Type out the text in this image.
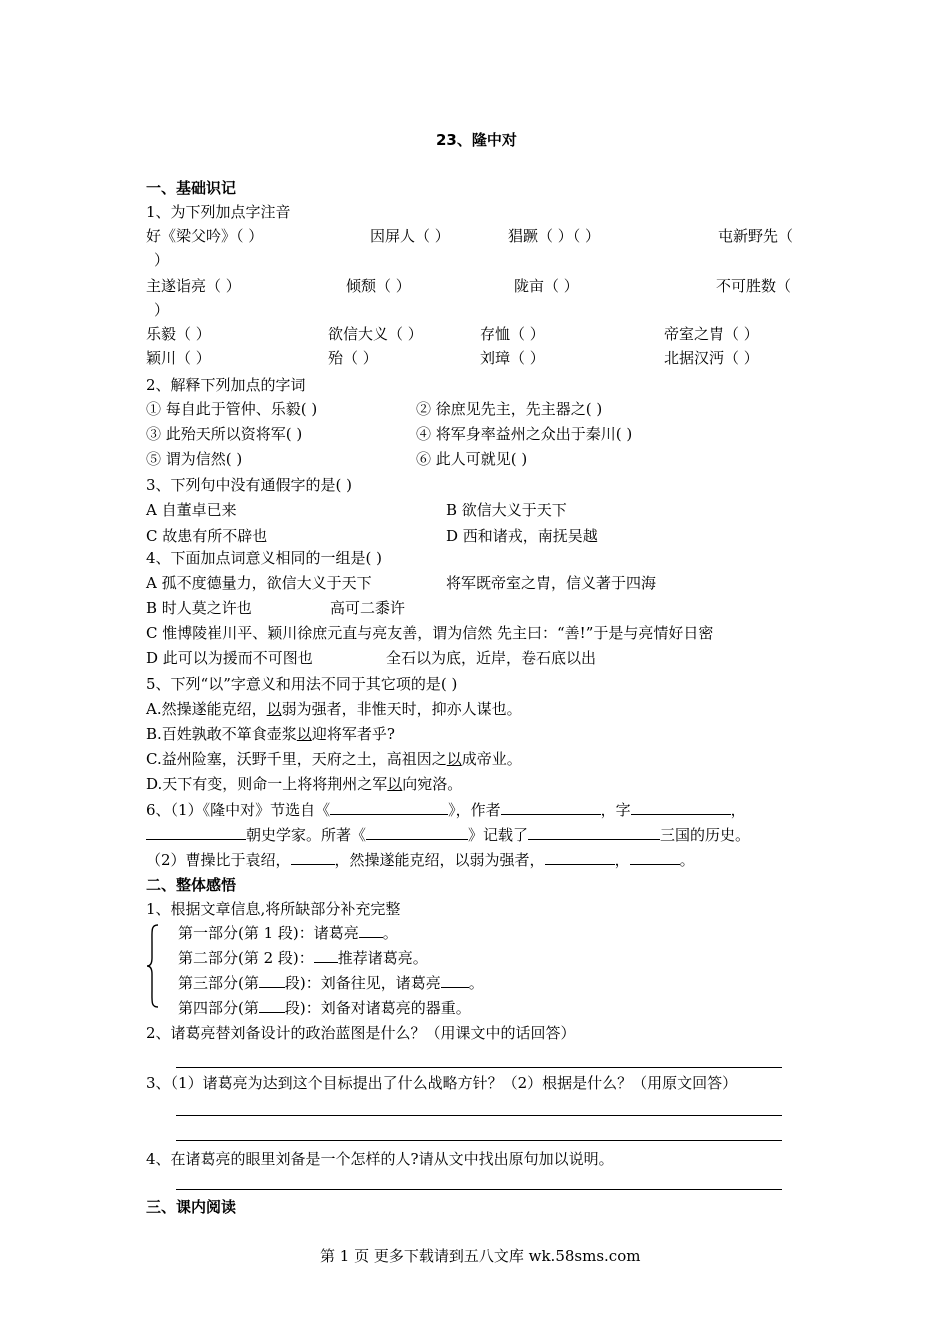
23、隆中对
一、基础识记
1、为下列加点字注音
好《梁父吟》（ ）	因屏人（ ）	猖蹶（ ）（ ）	屯新野先（
）
主遂诣亮（ ）	倾颓（ ）	陇亩（ ）	不可胜数（
）
乐毅（ ）	欲信大义（ ）	存恤（ ）	帝室之胄（ ）
颖川（ ）	殆（ ）	刘璋（ ）	北据汉沔（ ）
2、解释下列加点的字词
① 每自此于管仲、乐毅( )	② 徐庶见先主，先主器之( )
③ 此殆天所以资将军( )	④ 将军身率益州之众出于秦川( )
⑤ 谓为信然( )	⑥ 此人可就见( )
3、下列句中没有通假字的是( )
A 自董卓已来	B 欲信大义于天下
C 故患有所不辟也	D 西和诸戎，南抚吴越
4、下面加点词意义相同的一组是( )
A 孤不度德量力，欲信大义于天下	将军既帝室之胄，信义著于四海
B 时人莫之许也	高可二黍许
C 惟博陵崔川平、颖川徐庶元直与亮友善，谓为信然 先主曰：“善!”于是与亮情好日密
D 此可以为援而不可图也	全石以为底，近岸，卷石底以出
5、下列“以”字意义和用法不同于其它项的是( )
A.然操遂能克绍，以弱为强者，非惟天时，抑亦人谋也。
B.百姓孰敢不箪食壶浆以迎将军者乎?
C.益州险塞，沃野千里，天府之土，高祖因之以成帝业。
D.天下有变，则命一上将将荆州之军以向宛洛。
6、（1）《隆中对》节选自《	》，作者	，字	，
朝史学家。所著《	》记载了	三国的历史。
（2）曹操比于袁绍，	，然操遂能克绍，以弱为强者，	，	。
二、整体感悟
1、根据文章信息,将所缺部分补充完整
第一部分(第 1 段)：诸葛亮 。
第二部分(第 2 段)： 推荐诸葛亮。
第三部分(第 段)：刘备往见，诸葛亮 。
第四部分(第 段)：刘备对诸葛亮的器重。
2、诸葛亮替刘备设计的政治蓝图是什么？（用课文中的话回答）
3、（1）诸葛亮为达到这个目标提出了什么战略方针？（2）根据是什么？（用原文回答）
4、在诸葛亮的眼里刘备是一个怎样的人?请从文中找出原句加以说明。
三、课内阅读
第 1 页 更多下载请到五八文库 wk.58sms.com
